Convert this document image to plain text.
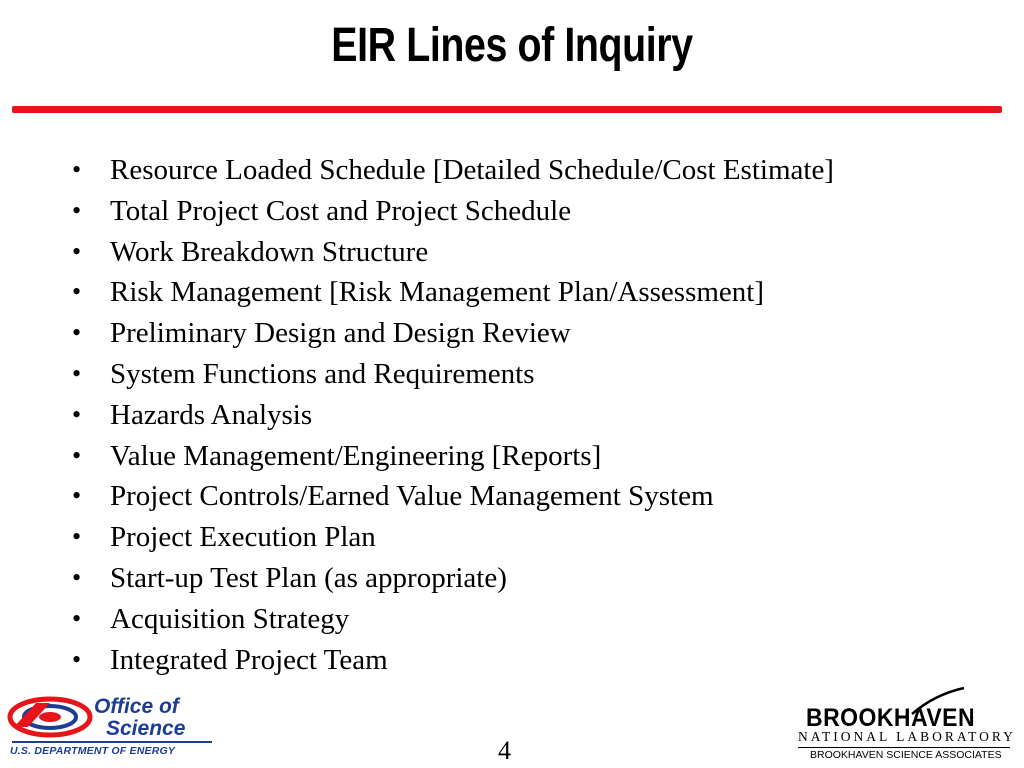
EIR Lines of Inquiry
• Resource Loaded Schedule [Detailed Schedule/Cost Estimate]
• Total Project Cost and Project Schedule
• Work Breakdown Structure
• Risk Management [Risk Management Plan/Assessment]
• Preliminary Design and Design Review
• System Functions and Requirements
• Hazards Analysis
• Value Management/Engineering [Reports]
• Project Controls/Earned Value Management System
• Project Execution Plan
• Start-up Test Plan (as appropriate)
• Acquisition Strategy
• Integrated Project Team
Office of
Science
U.S. DEPARTMENT OF ENERGY	4
BROOKHAVEN
NATIONAL LABORATORY
BROOKHAVEN SCIENCE ASSOCIATES
